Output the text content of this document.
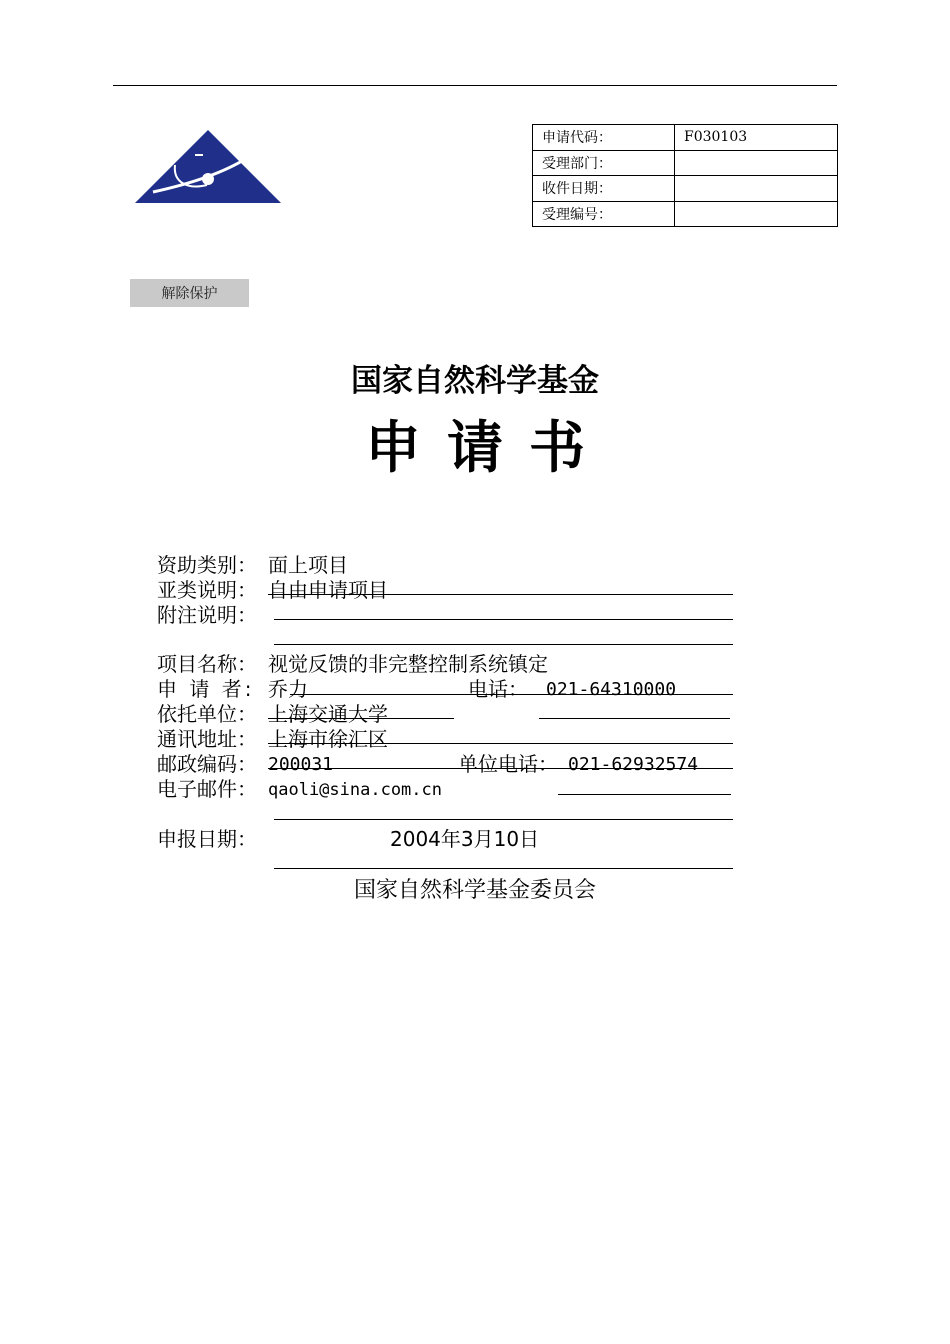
申请代码：	F030103
受理部门：	
收件日期：	
受理编号：	
解除保护
国家自然科学基金
申请书
资助类别： 面上项目
亚类说明： 自由申请项目
附注说明：
项目名称： 视觉反馈的非完整控制系统镇定
申 请 者: 乔力	电话： 021-64310000
依托单位： 上海交通大学
通讯地址： 上海市徐汇区
邮政编码： 200031	单位电话： 021-62932574
电子邮件： qaoli@sina.com.cn
申报日期：	2004年3月10日
国家自然科学基金委员会
